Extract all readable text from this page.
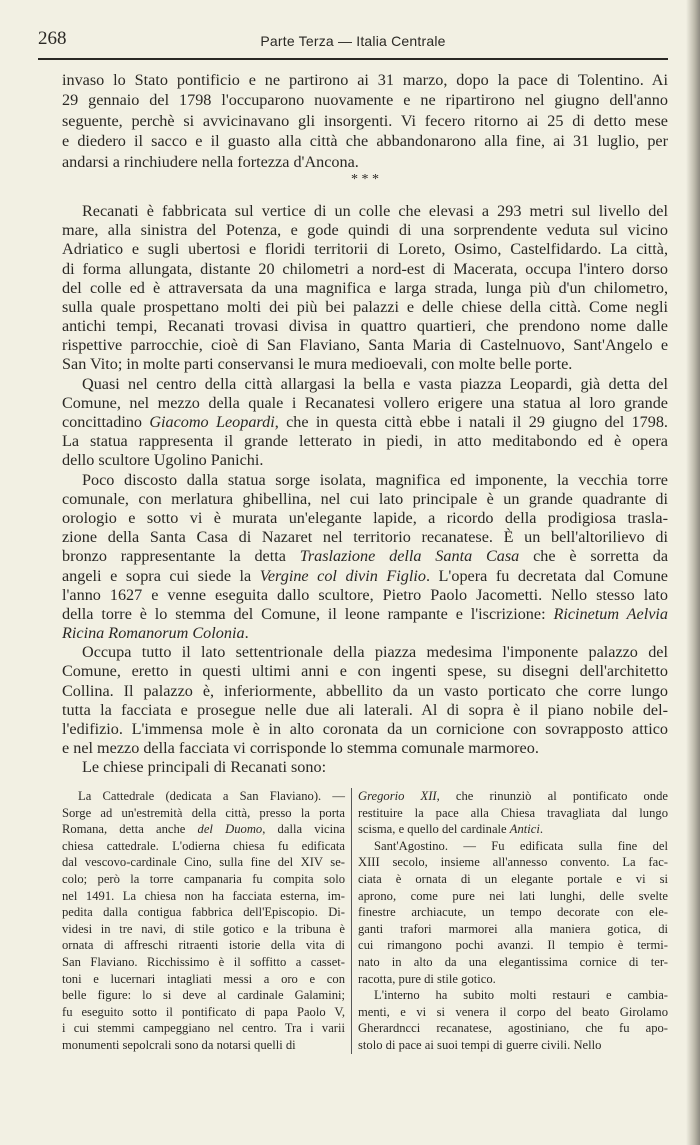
268	Parte Terza — Italia Centrale
invaso lo Stato pontificio e ne partirono ai 31 marzo, dopo la pace di Tolentino. Ai
29 gennaio del 1798 l'occuparono nuovamente e ne ripartirono nel giugno dell'anno
seguente, perchè si avvicinavano gli insorgenti. Vi fecero ritorno ai 25 di detto mese
e diedero il sacco e il guasto alla città che abbandonarono alla fine, ai 31 luglio, per
andarsi a rinchiudere nella fortezza d'Ancona.
* * *
Recanati è fabbricata sul vertice di un colle che elevasi a 293 metri sul livello del
mare, alla sinistra del Potenza, e gode quindi di una sorprendente veduta sul vicino
Adriatico e sugli ubertosi e floridi territorii di Loreto, Osimo, Castelfidardo. La città,
di forma allungata, distante 20 chilometri a nord-est di Macerata, occupa l'intero dorso
del colle ed è attraversata da una magnifica e larga strada, lunga più d'un chilometro,
sulla quale prospettano molti dei più bei palazzi e delle chiese della città. Come negli
antichi tempi, Recanati trovasi divisa in quattro quartieri, che prendono nome dalle
rispettive parrocchie, cioè di San Flaviano, Santa Maria di Castelnuovo, Sant'Angelo e
San Vito; in molte parti conservansi le mura medioevali, con molte belle porte.
Quasi nel centro della città allargasi la bella e vasta piazza Leopardi, già detta del
Comune, nel mezzo della quale i Recanatesi vollero erigere una statua al loro grande
concittadino Giacomo Leopardi, che in questa città ebbe i natali il 29 giugno del 1798.
La statua rappresenta il grande letterato in piedi, in atto meditabondo ed è opera
dello scultore Ugolino Panichi.
Poco discosto dalla statua sorge isolata, magnifica ed imponente, la vecchia torre
comunale, con merlatura ghibellina, nel cui lato principale è un grande quadrante di
orologio e sotto vi è murata un'elegante lapide, a ricordo della prodigiosa trasla-
zione della Santa Casa di Nazaret nel territorio recanatese. È un bell'altorilievo di
bronzo rappresentante la detta Traslazione della Santa Casa che è sorretta da
angeli e sopra cui siede la Vergine col divin Figlio. L'opera fu decretata dal Comune
l'anno 1627 e venne eseguita dallo scultore, Pietro Paolo Jacometti. Nello stesso lato
della torre è lo stemma del Comune, il leone rampante e l'iscrizione: Ricinetum Aelvia
Ricina Romanorum Colonia.
Occupa tutto il lato settentrionale della piazza medesima l'imponente palazzo del
Comune, eretto in questi ultimi anni e con ingenti spese, su disegni dell'architetto
Collina. Il palazzo è, inferiormente, abbellito da un vasto porticato che corre lungo
tutta la facciata e prosegue nelle due ali laterali. Al di sopra è il piano nobile del-
l'edifizio. L'immensa mole è in alto coronata da un cornicione con sovrapposto attico
e nel mezzo della facciata vi corrisponde lo stemma comunale marmoreo.
Le chiese principali di Recanati sono:
La Cattedrale (dedicata a San Flaviano). —
Sorge ad un'estremità della città, presso la porta
Romana, detta anche del Duomo, dalla vicina
chiesa cattedrale. L'odierna chiesa fu edificata
dal vescovo-cardinale Cino, sulla fine del XIV se-
colo; però la torre campanaria fu compita solo
nel 1491. La chiesa non ha facciata esterna, im-
pedita dalla contigua fabbrica dell'Episcopio. Di-
videsi in tre navi, di stile gotico e la tribuna è
ornata di affreschi ritraenti istorie della vita di
San Flaviano. Ricchissimo è il soffitto a casset-
toni e lucernari intagliati messi a oro e con
belle figure: lo si deve al cardinale Galamini;
fu eseguito sotto il pontificato di papa Paolo V,
i cui stemmi campeggiano nel centro. Tra i varii
monumenti sepolcrali sono da notarsi quelli di
Gregorio XII, che rinunziò al pontificato onde
restituire la pace alla Chiesa travagliata dal lungo
scisma, e quello del cardinale Antici.
Sant'Agostino. — Fu edificata sulla fine del
XIII secolo, insieme all'annesso convento. La fac-
ciata è ornata di un elegante portale e vi si
aprono, come pure nei lati lunghi, delle svelte
finestre archiacute, un tempo decorate con ele-
ganti trafori marmorei alla maniera gotica, di
cui rimangono pochi avanzi. Il tempio è termi-
nato in alto da una elegantissima cornice di ter-
racotta, pure di stile gotico.
L'interno ha subito molti restauri e cambia-
menti, e vi si venera il corpo del beato Girolamo
Gherardncci recanatese, agostiniano, che fu apo-
stolo di pace ai suoi tempi di guerre civili. Nello
